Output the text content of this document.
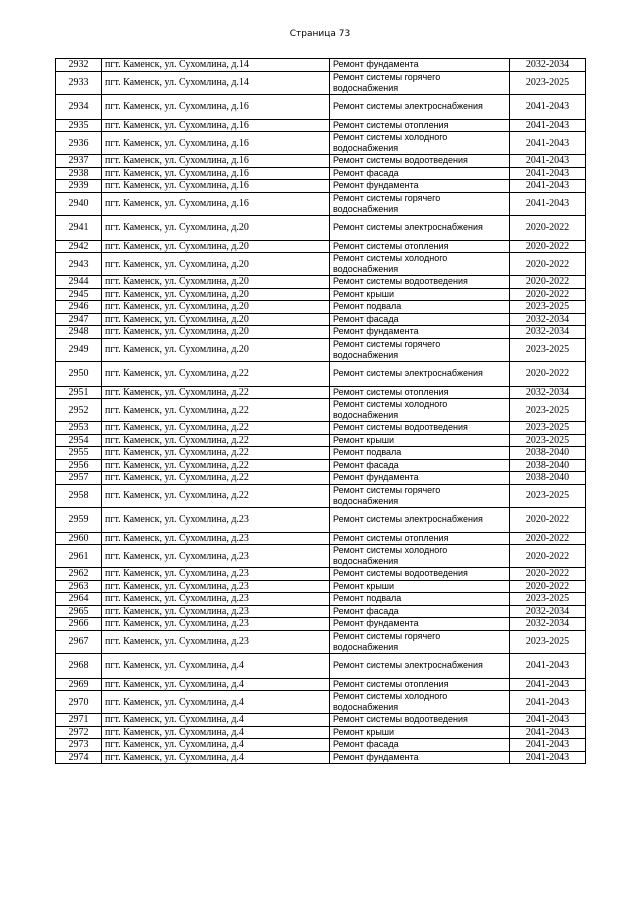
Страница 73
2932	пгт. Каменск, ул. Сухомлина, д.14	Ремонт фундамента	2032-2034
2933	пгт. Каменск, ул. Сухомлина, д.14	Ремонт системы горячего водоснабжения	2023-2025
2934	пгт. Каменск, ул. Сухомлина, д.16	Ремонт системы электроснабжения	2041-2043
2935	пгт. Каменск, ул. Сухомлина, д.16	Ремонт системы отопления	2041-2043
2936	пгт. Каменск, ул. Сухомлина, д.16	Ремонт системы холодного водоснабжения	2041-2043
2937	пгт. Каменск, ул. Сухомлина, д.16	Ремонт системы водоотведения	2041-2043
2938	пгт. Каменск, ул. Сухомлина, д.16	Ремонт фасада	2041-2043
2939	пгт. Каменск, ул. Сухомлина, д.16	Ремонт фундамента	2041-2043
2940	пгт. Каменск, ул. Сухомлина, д.16	Ремонт системы горячего водоснабжения	2041-2043
2941	пгт. Каменск, ул. Сухомлина, д.20	Ремонт системы электроснабжения	2020-2022
2942	пгт. Каменск, ул. Сухомлина, д.20	Ремонт системы отопления	2020-2022
2943	пгт. Каменск, ул. Сухомлина, д.20	Ремонт системы холодного водоснабжения	2020-2022
2944	пгт. Каменск, ул. Сухомлина, д.20	Ремонт системы водоотведения	2020-2022
2945	пгт. Каменск, ул. Сухомлина, д.20	Ремонт крыши	2020-2022
2946	пгт. Каменск, ул. Сухомлина, д.20	Ремонт подвала	2023-2025
2947	пгт. Каменск, ул. Сухомлина, д.20	Ремонт фасада	2032-2034
2948	пгт. Каменск, ул. Сухомлина, д.20	Ремонт фундамента	2032-2034
2949	пгт. Каменск, ул. Сухомлина, д.20	Ремонт системы горячего водоснабжения	2023-2025
2950	пгт. Каменск, ул. Сухомлина, д.22	Ремонт системы электроснабжения	2020-2022
2951	пгт. Каменск, ул. Сухомлина, д.22	Ремонт системы отопления	2032-2034
2952	пгт. Каменск, ул. Сухомлина, д.22	Ремонт системы холодного водоснабжения	2023-2025
2953	пгт. Каменск, ул. Сухомлина, д.22	Ремонт системы водоотведения	2023-2025
2954	пгт. Каменск, ул. Сухомлина, д.22	Ремонт крыши	2023-2025
2955	пгт. Каменск, ул. Сухомлина, д.22	Ремонт подвала	2038-2040
2956	пгт. Каменск, ул. Сухомлина, д.22	Ремонт фасада	2038-2040
2957	пгт. Каменск, ул. Сухомлина, д.22	Ремонт фундамента	2038-2040
2958	пгт. Каменск, ул. Сухомлина, д.22	Ремонт системы горячего водоснабжения	2023-2025
2959	пгт. Каменск, ул. Сухомлина, д.23	Ремонт системы электроснабжения	2020-2022
2960	пгт. Каменск, ул. Сухомлина, д.23	Ремонт системы отопления	2020-2022
2961	пгт. Каменск, ул. Сухомлина, д.23	Ремонт системы холодного водоснабжения	2020-2022
2962	пгт. Каменск, ул. Сухомлина, д.23	Ремонт системы водоотведения	2020-2022
2963	пгт. Каменск, ул. Сухомлина, д.23	Ремонт крыши	2020-2022
2964	пгт. Каменск, ул. Сухомлина, д.23	Ремонт подвала	2023-2025
2965	пгт. Каменск, ул. Сухомлина, д.23	Ремонт фасада	2032-2034
2966	пгт. Каменск, ул. Сухомлина, д.23	Ремонт фундамента	2032-2034
2967	пгт. Каменск, ул. Сухомлина, д.23	Ремонт системы горячего водоснабжения	2023-2025
2968	пгт. Каменск, ул. Сухомлина, д.4	Ремонт системы электроснабжения	2041-2043
2969	пгт. Каменск, ул. Сухомлина, д.4	Ремонт системы отопления	2041-2043
2970	пгт. Каменск, ул. Сухомлина, д.4	Ремонт системы холодного водоснабжения	2041-2043
2971	пгт. Каменск, ул. Сухомлина, д.4	Ремонт системы водоотведения	2041-2043
2972	пгт. Каменск, ул. Сухомлина, д.4	Ремонт крыши	2041-2043
2973	пгт. Каменск, ул. Сухомлина, д.4	Ремонт фасада	2041-2043
2974	пгт. Каменск, ул. Сухомлина, д.4	Ремонт фундамента	2041-2043
